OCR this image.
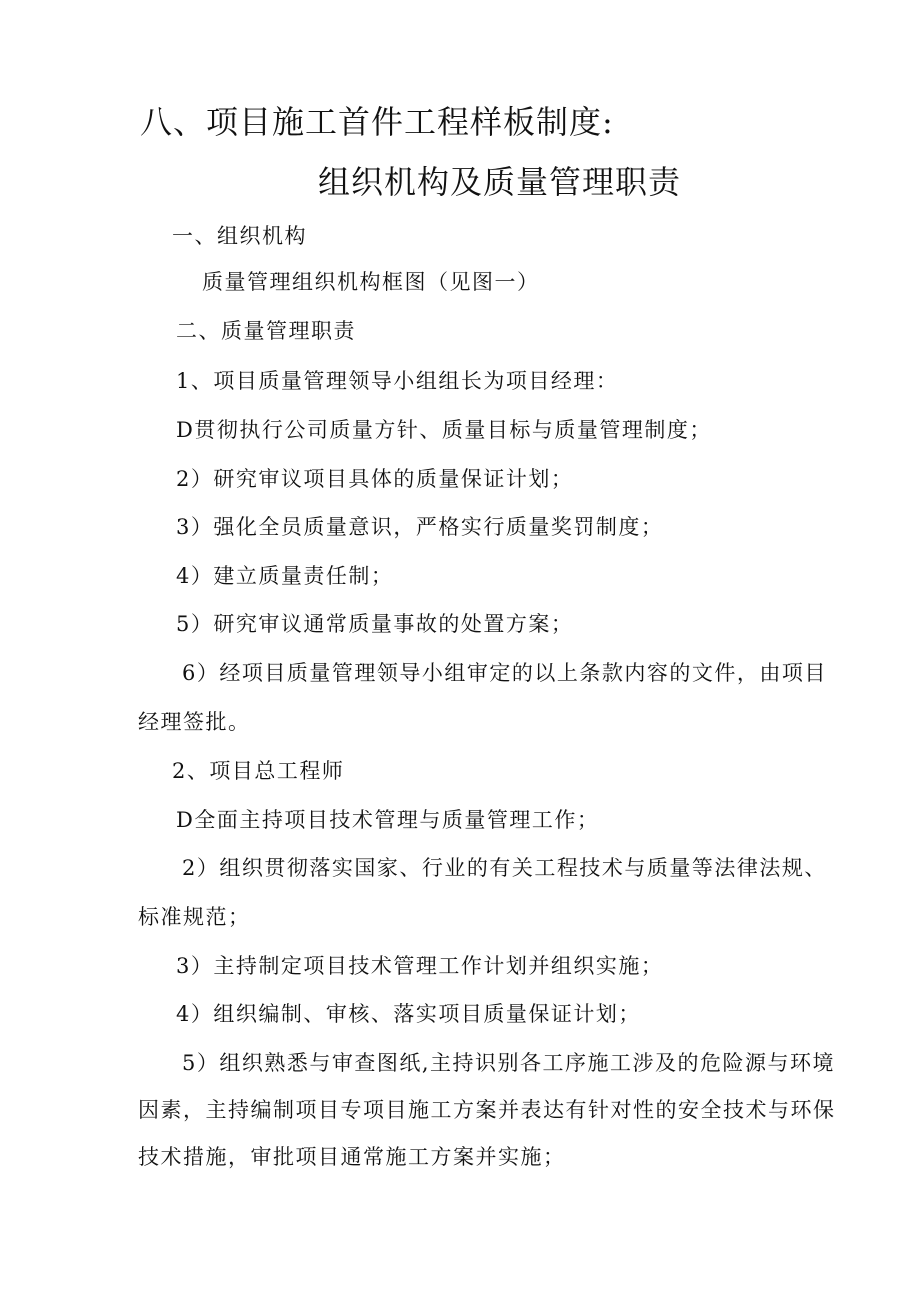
八、项目施工首件工程样板制度:
组织机构及质量管理职责
一、组织机构
质量管理组织机构框图（见图一）
二、质量管理职责
1、项目质量管理领导小组组长为项目经理：
D贯彻执行公司质量方针、质量目标与质量管理制度；
2）研究审议项目具体的质量保证计划；
3）强化全员质量意识，严格实行质量奖罚制度；
4）建立质量责任制；
5）研究审议通常质量事故的处置方案；
6）经项目质量管理领导小组审定的以上条款内容的文件，由项目
经理签批。
2、项目总工程师
D全面主持项目技术管理与质量管理工作；
2）组织贯彻落实国家、行业的有关工程技术与质量等法律法规、
标准规范；
3）主持制定项目技术管理工作计划并组织实施；
4）组织编制、审核、落实项目质量保证计划；
5）组织熟悉与审查图纸,主持识别各工序施工涉及的危险源与环境
因素，主持编制项目专项目施工方案并表达有针对性的安全技术与环保
技术措施，审批项目通常施工方案并实施；
